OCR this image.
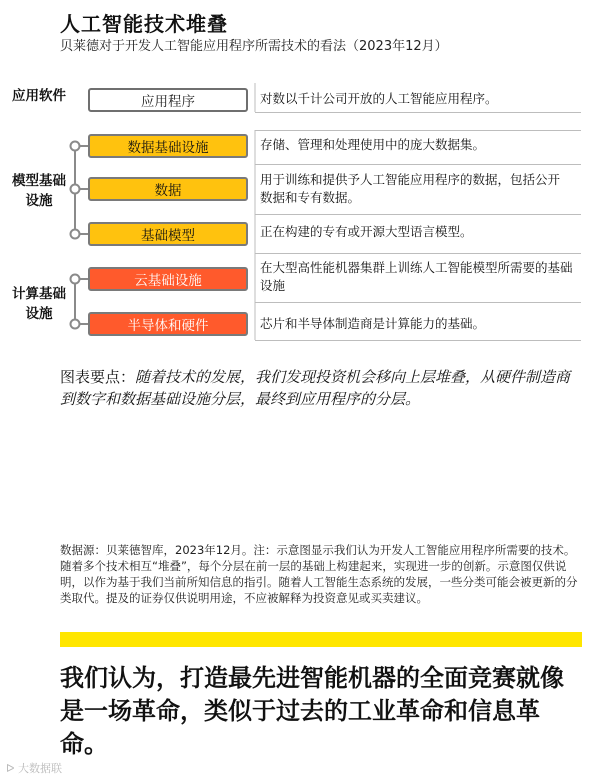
人工智能技术堆叠
贝莱德对于开发人工智能应用程序所需技术的看法（2023年12月）
应用软件
模型基础设施
计算基础设施
应用程序
数据基础设施
数据
基础模型
云基础设施
半导体和硬件
对数以千计公司开放的人工智能应用程序。
存储、管理和处理使用中的庞大数据集。
用于训练和提供予人工智能应用程序的数据，包括公开数据和专有数据。
正在构建的专有或开源大型语言模型。
在大型高性能机器集群上训练人工智能模型所需要的基础设施
芯片和半导体制造商是计算能力的基础。
图表要点：随着技术的发展，我们发现投资机会移向上层堆叠，从硬件制造商到数字和数据基础设施分层，最终到应用程序的分层。
数据源：贝莱德智库，2023年12月。注：示意图显示我们认为开发人工智能应用程序所需要的技术。随着多个技术相互“堆叠”，每个分层在前一层的基础上构建起来，实现进一步的创新。示意图仅供说明，以作为基于我们当前所知信息的指引。随着人工智能生态系统的发展，一些分类可能会被更新的分类取代。提及的证券仅供说明用途，不应被解释为投资意见或买卖建议。
我们认为，打造最先进智能机器的全面竞赛就像是一场革命，类似于过去的工业革命和信息革命。
ᐅ 大数据联
